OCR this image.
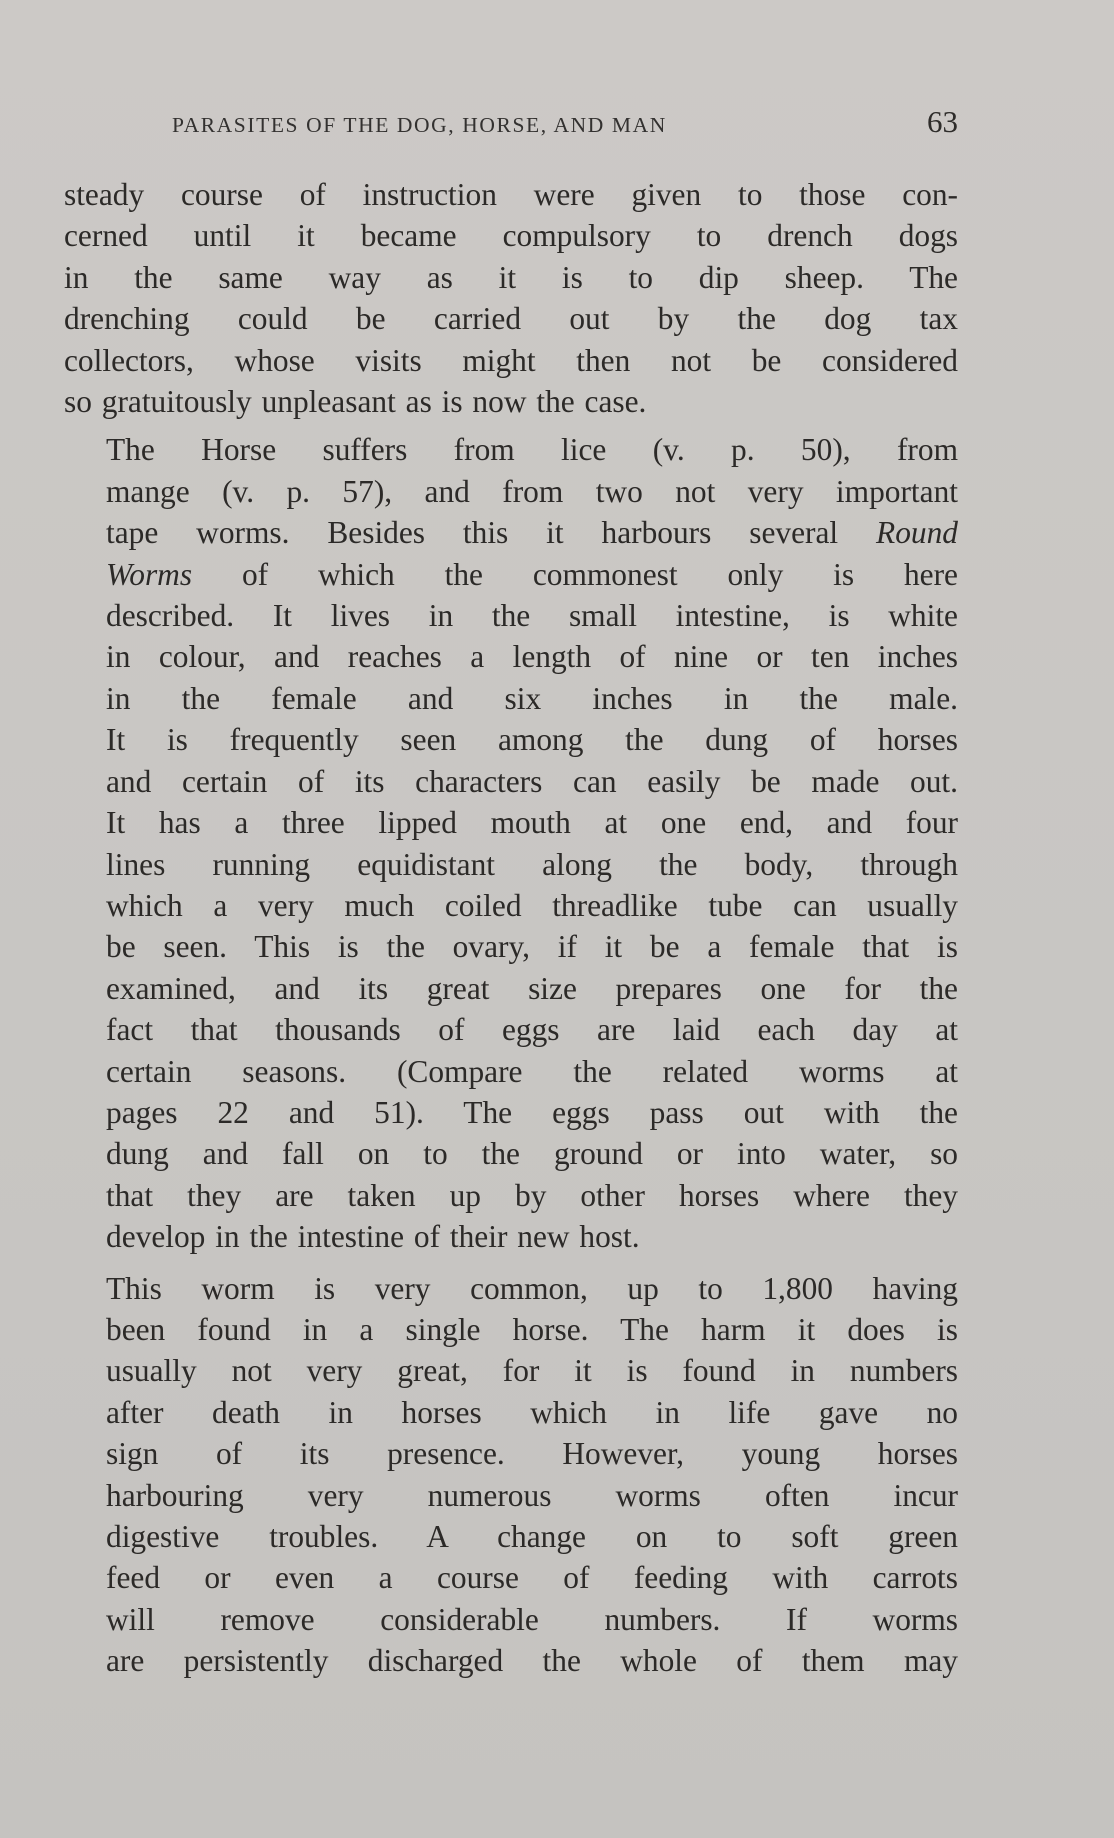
PARASITES OF THE DOG, HORSE, AND MAN	63

steady course of instruction were given to those con-
cerned until it became compulsory to drench dogs
in the same way as it is to dip sheep. The
drenching could be carried out by the dog tax
collectors, whose visits might then not be considered
so gratuitously unpleasant as is now the case.

The Horse suffers from lice (v. p. 50), from
mange (v. p. 57), and from two not very important
tape worms. Besides this it harbours several Round
Worms of which the commonest only is here
described. It lives in the small intestine, is white
in colour, and reaches a length of nine or ten inches
in the female and six inches in the male.
It is frequently seen among the dung of horses
and certain of its characters can easily be made out.
It has a three lipped mouth at one end, and four
lines running equidistant along the body, through
which a very much coiled threadlike tube can usually
be seen. This is the ovary, if it be a female that is
examined, and its great size prepares one for the
fact that thousands of eggs are laid each day at
certain seasons. (Compare the related worms at
pages 22 and 51). The eggs pass out with the
dung and fall on to the ground or into water, so
that they are taken up by other horses where they
develop in the intestine of their new host.

This worm is very common, up to 1,800 having
been found in a single horse. The harm it does is
usually not very great, for it is found in numbers
after death in horses which in life gave no
sign of its presence. However, young horses
harbouring very numerous worms often incur
digestive troubles. A change on to soft green
feed or even a course of feeding with carrots
will remove considerable numbers. If worms
are persistently discharged the whole of them may
